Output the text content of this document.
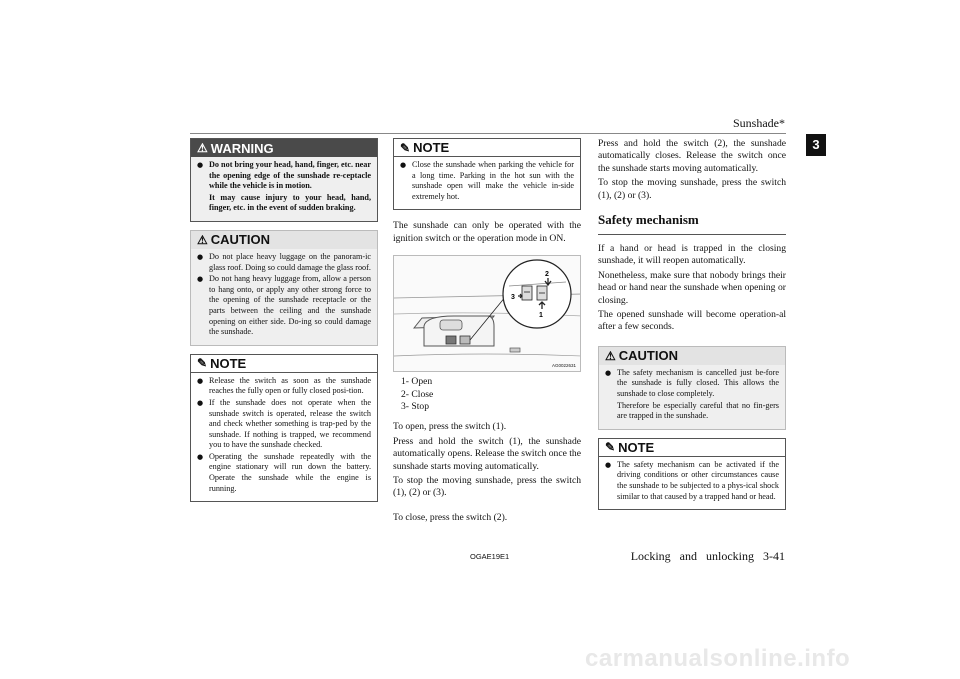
Sunshade*
3
⚠ WARNING
● Do not bring your head, hand, finger, etc. near the opening edge of the sunshade re-ceptacle while the vehicle is in motion.
It may cause injury to your head, hand, finger, etc. in the event of sudden braking.
⚠ CAUTION
● Do not place heavy luggage on the panoram-ic glass roof. Doing so could damage the glass roof.
● Do not hang heavy luggage from, allow a person to hang onto, or apply any other strong force to the opening of the sunshade receptacle or the parts between the ceiling and the sunshade opening on either side. Do-ing so could damage the sunshade.
✎ NOTE
● Release the switch as soon as the sunshade reaches the fully open or fully closed posi-tion.
● If the sunshade does not operate when the sunshade switch is operated, release the switch and check whether something is trap-ped by the sunshade. If nothing is trapped, we recommend you to have the sunshade checked.
● Operating the sunshade repeatedly with the engine stationary will run down the battery. Operate the sunshade while the engine is running.
✎ NOTE
● Close the sunshade when parking the vehicle for a long time. Parking in the hot sun with the sunshade open will make the vehicle in-side extremely hot.
The sunshade can only be operated with the ignition switch or the operation mode in ON.
2
3
1
AG0022631
1- Open
2- Close
3- Stop
To open, press the switch (1).
Press and hold the switch (1), the sunshade automatically opens. Release the switch once the sunshade starts moving automatically.
To stop the moving sunshade, press the switch (1), (2) or (3).
To close, press the switch (2).
Press and hold the switch (2), the sunshade automatically closes. Release the switch once the sunshade starts moving automatically.
To stop the moving sunshade, press the switch (1), (2) or (3).
Safety mechanism
If a hand or head is trapped in the closing sunshade, it will reopen automatically.
Nonetheless, make sure that nobody brings their head or hand near the sunshade when opening or closing.
The opened sunshade will become operation-al after a few seconds.
⚠ CAUTION
● The safety mechanism is cancelled just be-fore the sunshade is fully closed. This allows the sunshade to close completely.
Therefore be especially careful that no fin-gers are trapped in the sunshade.
✎ NOTE
● The safety mechanism can be activated if the driving conditions or other circumstances cause the sunshade to be subjected to a phys-ical shock similar to that caused by a trapped hand or head.
OGAE19E1	Locking and unlocking 3-41
carmanualsonline.info
